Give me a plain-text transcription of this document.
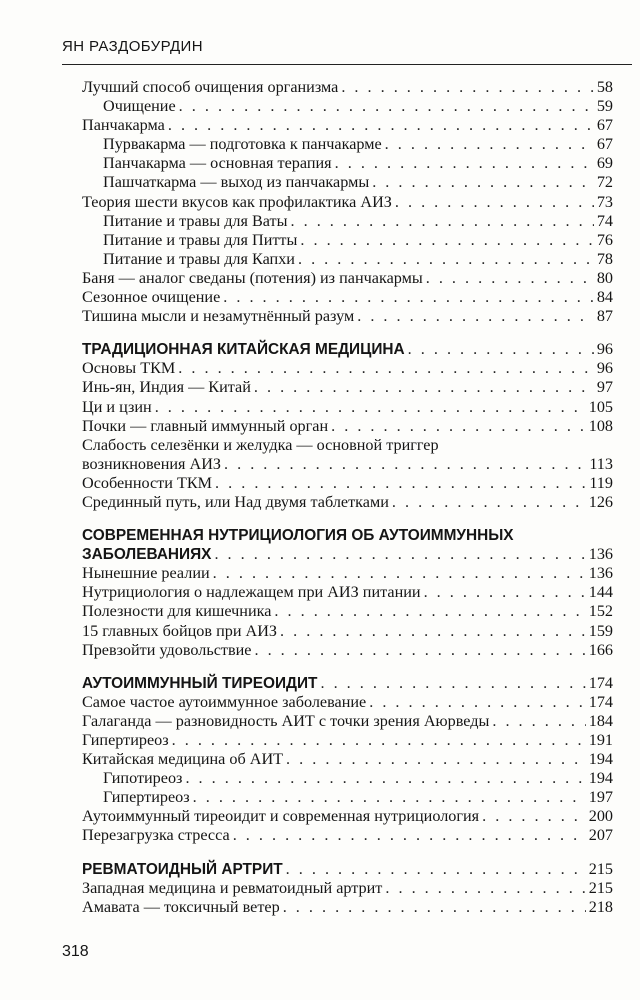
ЯН РАЗДОБУРДИН
Лучший способ очищения организма . . .	58
Очищение . . .	59
Панчакарма . . .	67
Пурвакарма — подготовка к панчакарме . . .	67
Панчакарма — основная терапия . . .	69
Пашчаткарма — выход из панчакармы . . .	72
Теория шести вкусов как профилактика АИЗ . . .	73
Питание и травы для Ваты . . .	74
Питание и травы для Питты . . .	76
Питание и травы для Капхи . . .	78
Баня — аналог сведаны (потения) из панчакармы . . .	80
Сезонное очищение . . .	84
Тишина мысли и незамутнённый разум . . .	87
ТРАДИЦИОННАЯ КИТАЙСКАЯ МЕДИЦИНА . . .	96
Основы ТКМ . . .	96
Инь-ян, Индия — Китай . . .	97
Ци и цзин . . .	105
Почки — главный иммунный орган . . .	108
Слабость селезёнки и желудка — основной триггер
возникновения АИЗ . . .	113
Особенности ТКМ . . .	119
Срединный путь, или Над двумя таблетками . . .	126
СОВРЕМЕННАЯ НУТРИЦИОЛОГИЯ ОБ АУТОИММУННЫХ
ЗАБОЛЕВАНИЯХ . . .	136
Нынешние реалии . . .	136
Нутрициология о надлежащем при АИЗ питании . . .	144
Полезности для кишечника . . .	152
15 главных бойцов при АИЗ . . .	159
Превзойти удовольствие . . .	166
АУТОИММУННЫЙ ТИРЕОИДИТ . . .	174
Самое частое аутоиммунное заболевание . . .	174
Галаганда — разновидность АИТ с точки зрения Аюрведы . . .	184
Гипертиреоз . . .	191
Китайская медицина об АИТ . . .	194
Гипотиреоз . . .	194
Гипертиреоз . . .	197
Аутоиммунный тиреоидит и современная нутрициология . . .	200
Перезагрузка стресса . . .	207
РЕВМАТОИДНЫЙ АРТРИТ . . .	215
Западная медицина и ревматоидный артрит . . .	215
Амавата — токсичный ветер . . .	218
318
